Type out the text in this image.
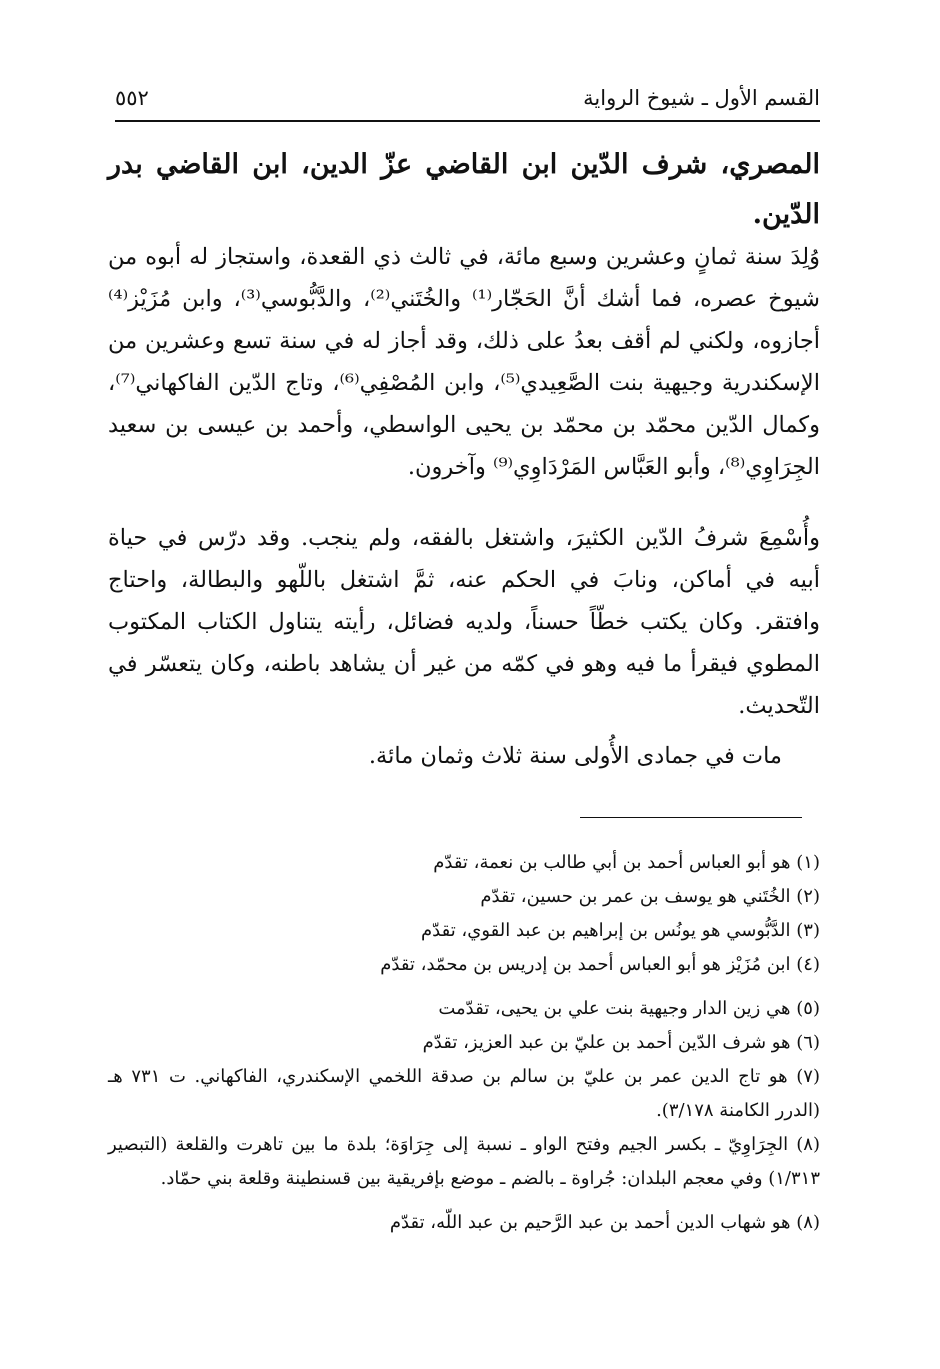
القسم الأول ـ شيوخ الرواية
٥٥٢
المصري، شرف الدّين ابن القاضي عزّ الدين، ابن القاضي بدر الدّين.
وُلِدَ سنة ثمانٍ وعشرين وسبع مائة، في ثالث ذي القعدة، واستجاز له أبوه من شيوخ عصره، فما أشك أنَّ الحَجّار⁽¹⁾ والخُتَني⁽²⁾، والدَّبُّوسي⁽³⁾، وابن مُزَيْز⁽⁴⁾ أجازوه، ولكني لم أقف بعدُ على ذلك، وقد أجاز له في سنة تسع وعشرين من الإسكندرية وجيهية بنت الصَّعِيدي⁽⁵⁾، وابن المُصْفِي⁽⁶⁾، وتاج الدّين الفاكهاني⁽⁷⁾، وكمال الدّين محمّد بن محمّد بن يحيى الواسطي، وأحمد بن عيسى بن سعيد الجِرَاوِي⁽⁸⁾، وأبو العَبَّاس المَرْدَاوِي⁽⁹⁾ وآخرون.
وأُسْمِعَ شرفُ الدّين الكثيرَ، واشتغل بالفقه، ولم ينجب. وقد درّس في حياة أبيه في أماكن، ونابَ في الحكم عنه، ثمَّ اشتغل باللّهو والبطالة، واحتاج وافتقر. وكان يكتب خطّاً حسناً، ولديه فضائل، رأيته يتناول الكتاب المكتوب المطوي فيقرأ ما فيه وهو في كمّه من غير أن يشاهد باطنه، وكان يتعسّر في التّحديث.
مات في جمادى الأُولى سنة ثلاث وثمان مائة.

(١) هو أبو العباس أحمد بن أبي طالب بن نعمة، تقدّم

(٢) الخُتَني هو يوسف بن عمر بن حسين، تقدّم

(٣) الدَّبُّوسي هو يونُس بن إبراهيم بن عبد القوي، تقدّم

(٤) ابن مُزَيْز هو أبو العباس أحمد بن إدريس بن محمّد، تقدّم

(٥) هي زين الدار وجيهية بنت علي بن يحيى، تقدّمت

(٦) هو شرف الدّين أحمد بن عليّ بن عبد العزيز، تقدّم

(٧) هو تاج الدين عمر بن عليّ بن سالم بن صدقة اللخمي الإسكندري، الفاكهاني. ت ٧٣١ هـ (الدرر الكامنة ٣/١٧٨).

(٨) الجِرَاوِيّ ـ بكسر الجيم وفتح الواو ـ نسبة إلى جِرَاوَة؛ بلدة ما بين تاهرت والقلعة (التبصير ١/٣١٣) وفي معجم البلدان: جُراوة ـ بالضم ـ موضع بإفريقية بين قسنطينة وقلعة بني حمّاد.

(٨) هو شهاب الدين أحمد بن عبد الرَّحيم بن عبد اللّه، تقدّم
